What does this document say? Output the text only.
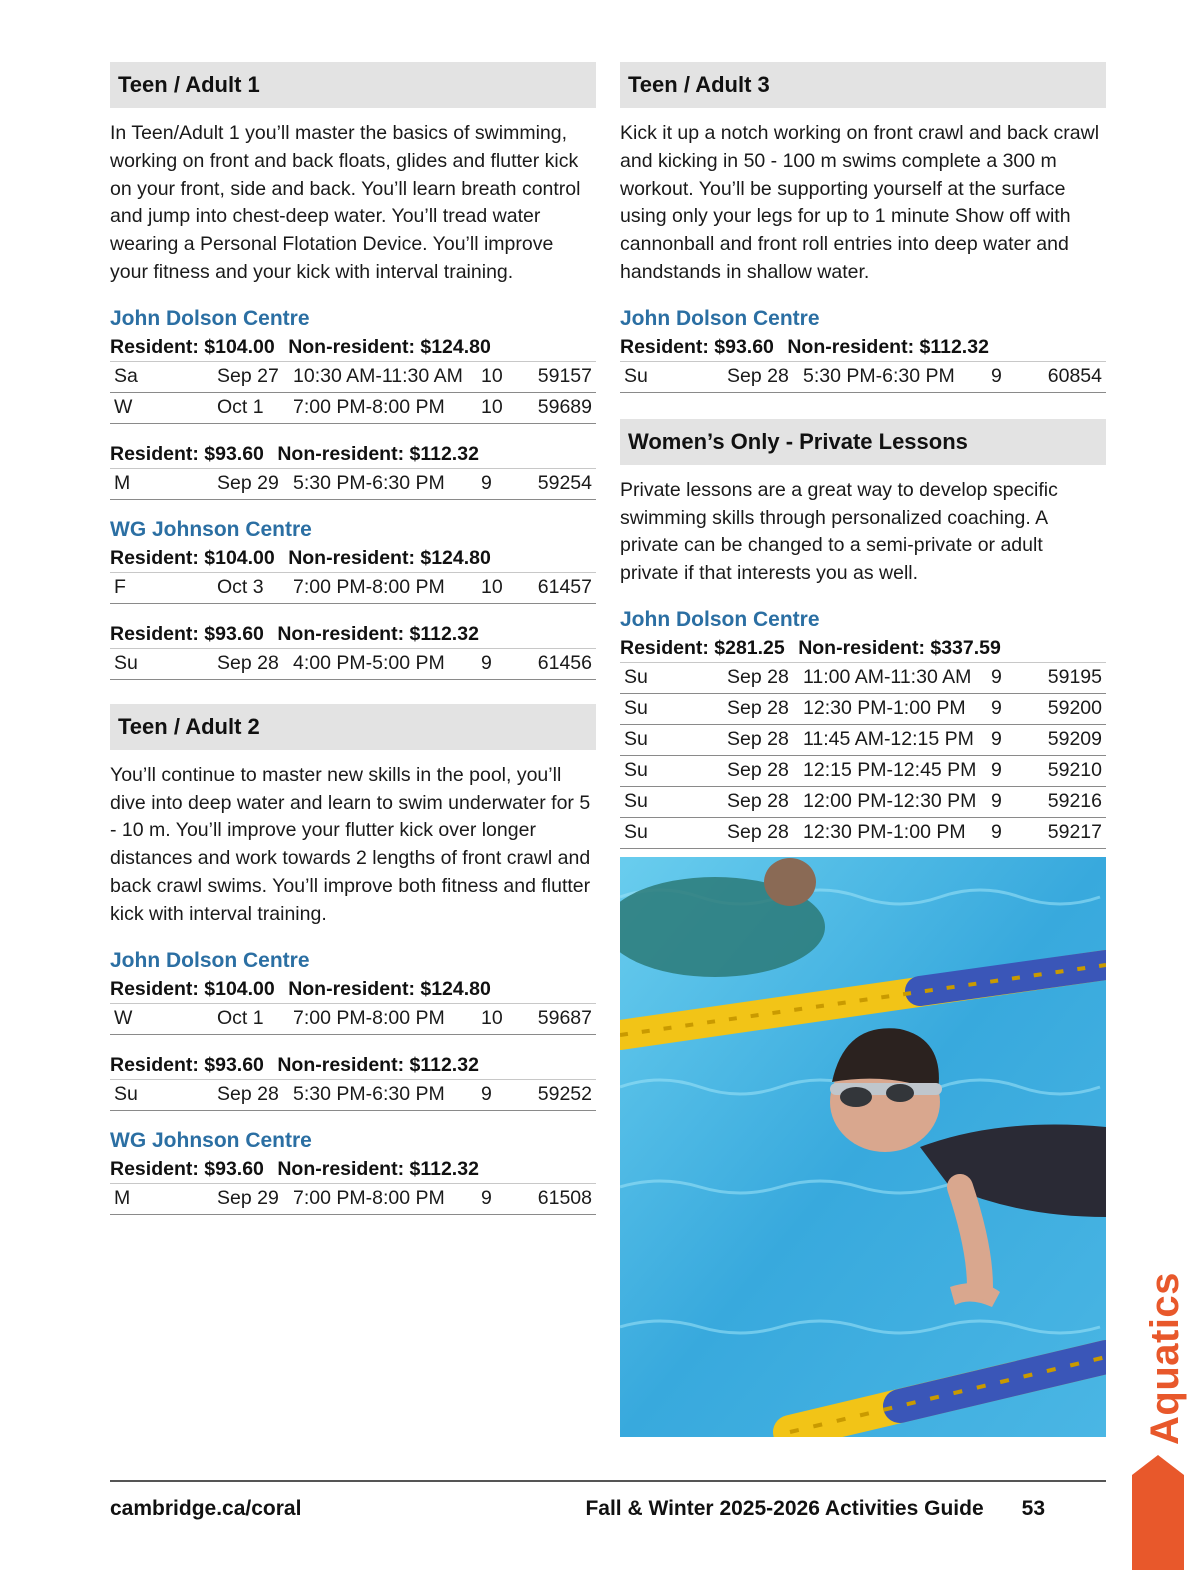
Teen / Adult 1

In Teen/Adult 1 you’ll master the basics of swimming, working on front and back floats, glides and flutter kick on your front, side and back. You’ll learn breath control and jump into chest-deep water. You’ll tread water wearing a Personal Flotation Device. You’ll improve your fitness and your kick with interval training.

John Dolson Centre
Resident: $104.00 Non-resident: $124.80
Sa	Sep 27	10:30 AM-11:30 AM	10	59157
W	Oct 1	7:00 PM-8:00 PM	10	59689
Resident: $93.60 Non-resident: $112.32
M	Sep 29	5:30 PM-6:30 PM	9	59254
WG Johnson Centre
Resident: $104.00 Non-resident: $124.80
F	Oct 3	7:00 PM-8:00 PM	10	61457
Resident: $93.60 Non-resident: $112.32
Su	Sep 28	4:00 PM-5:00 PM	9	61456
Teen / Adult 2

You’ll continue to master new skills in the pool, you’ll dive into deep water and learn to swim underwater for 5 - 10 m. You’ll improve your flutter kick over longer distances and work towards 2 lengths of front crawl and back crawl swims. You’ll improve both fitness and flutter kick with interval training.

John Dolson Centre
Resident: $104.00 Non-resident: $124.80
W	Oct 1	7:00 PM-8:00 PM	10	59687
Resident: $93.60 Non-resident: $112.32
Su	Sep 28	5:30 PM-6:30 PM	9	59252
WG Johnson Centre
Resident: $93.60 Non-resident: $112.32
M	Sep 29	7:00 PM-8:00 PM	9	61508
Teen / Adult 3

Kick it up a notch working on front crawl and back crawl and kicking in 50 - 100 m swims complete a 300 m workout. You’ll be supporting yourself at the surface using only your legs for up to 1 minute Show off with cannonball and front roll entries into deep water and handstands in shallow water.

John Dolson Centre
Resident: $93.60 Non-resident: $112.32
Su	Sep 28	5:30 PM-6:30 PM	9	60854
Women’s Only - Private Lessons

Private lessons are a great way to develop specific swimming skills through personalized coaching. A private can be changed to a semi-private or adult private if that interests you as well.

John Dolson Centre
Resident: $281.25 Non-resident: $337.59
Su	Sep 28	11:00 AM-11:30 AM	9	59195
Su	Sep 28	12:30 PM-1:00 PM	9	59200
Su	Sep 28	11:45 AM-12:15 PM	9	59209
Su	Sep 28	12:15 PM-12:45 PM	9	59210
Su	Sep 28	12:00 PM-12:30 PM	9	59216
Su	Sep 28	12:30 PM-1:00 PM	9	59217
cambridge.ca/coral	Fall & Winter 2025-2026 Activities Guide 53
Aquatics
